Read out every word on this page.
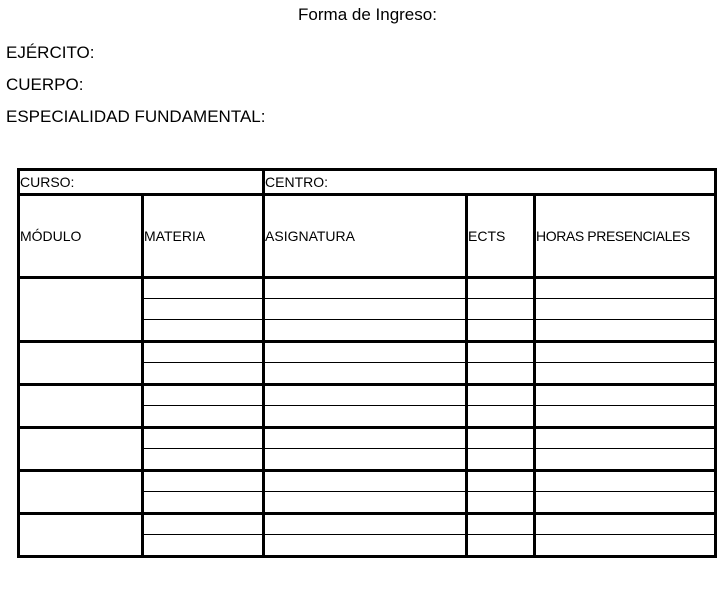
Forma de Ingreso:
EJÉRCITO:
CUERPO:
ESPECIALIDAD FUNDAMENTAL:
CURSO:		CENTRO:		
MÓDULO	MATERIA	ASIGNATURA	ECTS	HORAS PRESENCIALES
